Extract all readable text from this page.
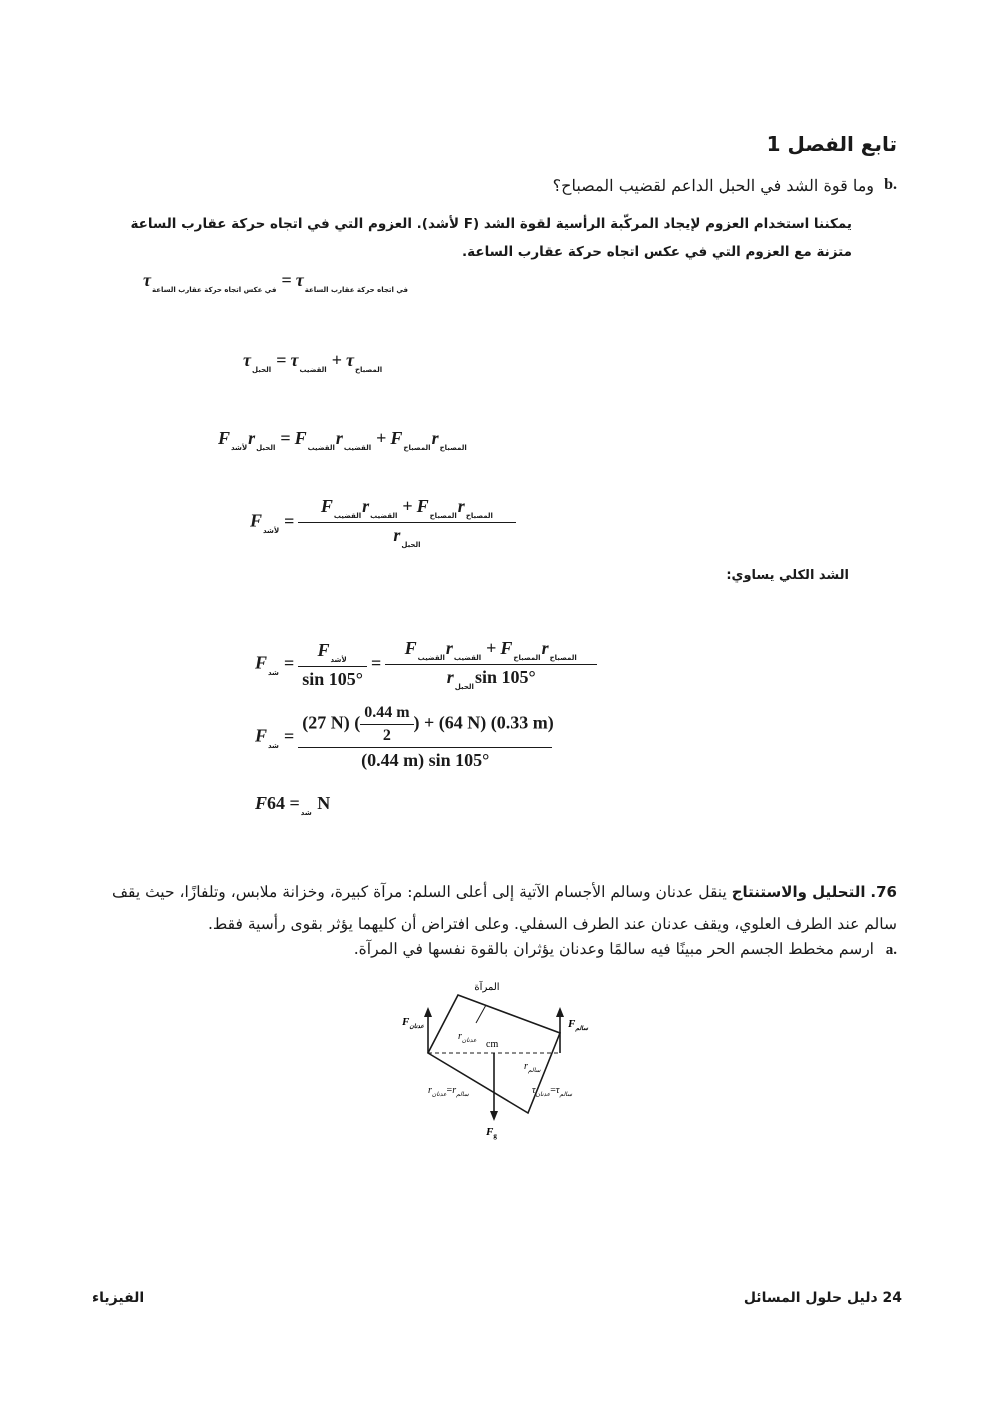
تابع الفصل 1
b.
وما قوة الشد في الحبل الداعم لقضيب المصباح؟
يمكننا استخدام العزوم لإيجاد المركّبة الرأسية لقوة الشد (F لأشد). العزوم التي في اتجاه حركة عقارب الساعة متزنة مع العزوم التي في عكس اتجاه حركة عقارب الساعة.
$\tau_{في عكس اتجاه حركة عقارب الساعة} = \tau_{في اتجاه حركة عقارب الساعة}$
$\tau_{الحبل} = \tau_{القضيب} + \tau_{المصباح}$
$F_{لأشد}r_{الحبل} = F_{القضيب}r_{القضيب} + F_{المصباح}r_{المصباح}$
$F_{لأشد} = \frac{F_{القضيب}r_{القضيب} + F_{المصباح}r_{المصباح}}{r_{الحبل}}$
الشد الكلي يساوي:
$F_{شد} = \frac{F_{لأشد}}{\sin 105^\circ} = \frac{F_{القضيب}r_{القضيب} + F_{المصباح}r_{المصباح}}{r_{الحبل}\sin 105^\circ}$
$F_{شد} = \frac{(27 N) ( \frac{0.44 m}{2} ) + (64 N) (0.33 m)}{(0.44 m) \sin 105^\circ}$
F	$_{شد}$= 64 N
76. التحليل والاستنتاج ينقل عدنان وسالم الأجسام الآتية إلى أعلى السلم: مرآة كبيرة، وخزانة ملابس، وتلفازًا، حيث يقف سالم عند الطرف العلوي، ويقف عدنان عند الطرف السفلي. وعلى افتراض أن كليهما يؤثر بقوى رأسية فقط.
a.
ارسم مخطط الجسم الحر مبينًا فيه سالمًا وعدنان يؤثران بالقوة نفسها في المرآة.
المرآة
$F_{عدنان}$	$F_{سالم}$
$r_{عدنان}$ cm
$r_{سالم}$
$r_{عدنان}=r_{سالم}$	$\tau_{عدنان}=\tau_{سالم}$
$F_g$
24 دليل حلول المسائل
الفيزياء
